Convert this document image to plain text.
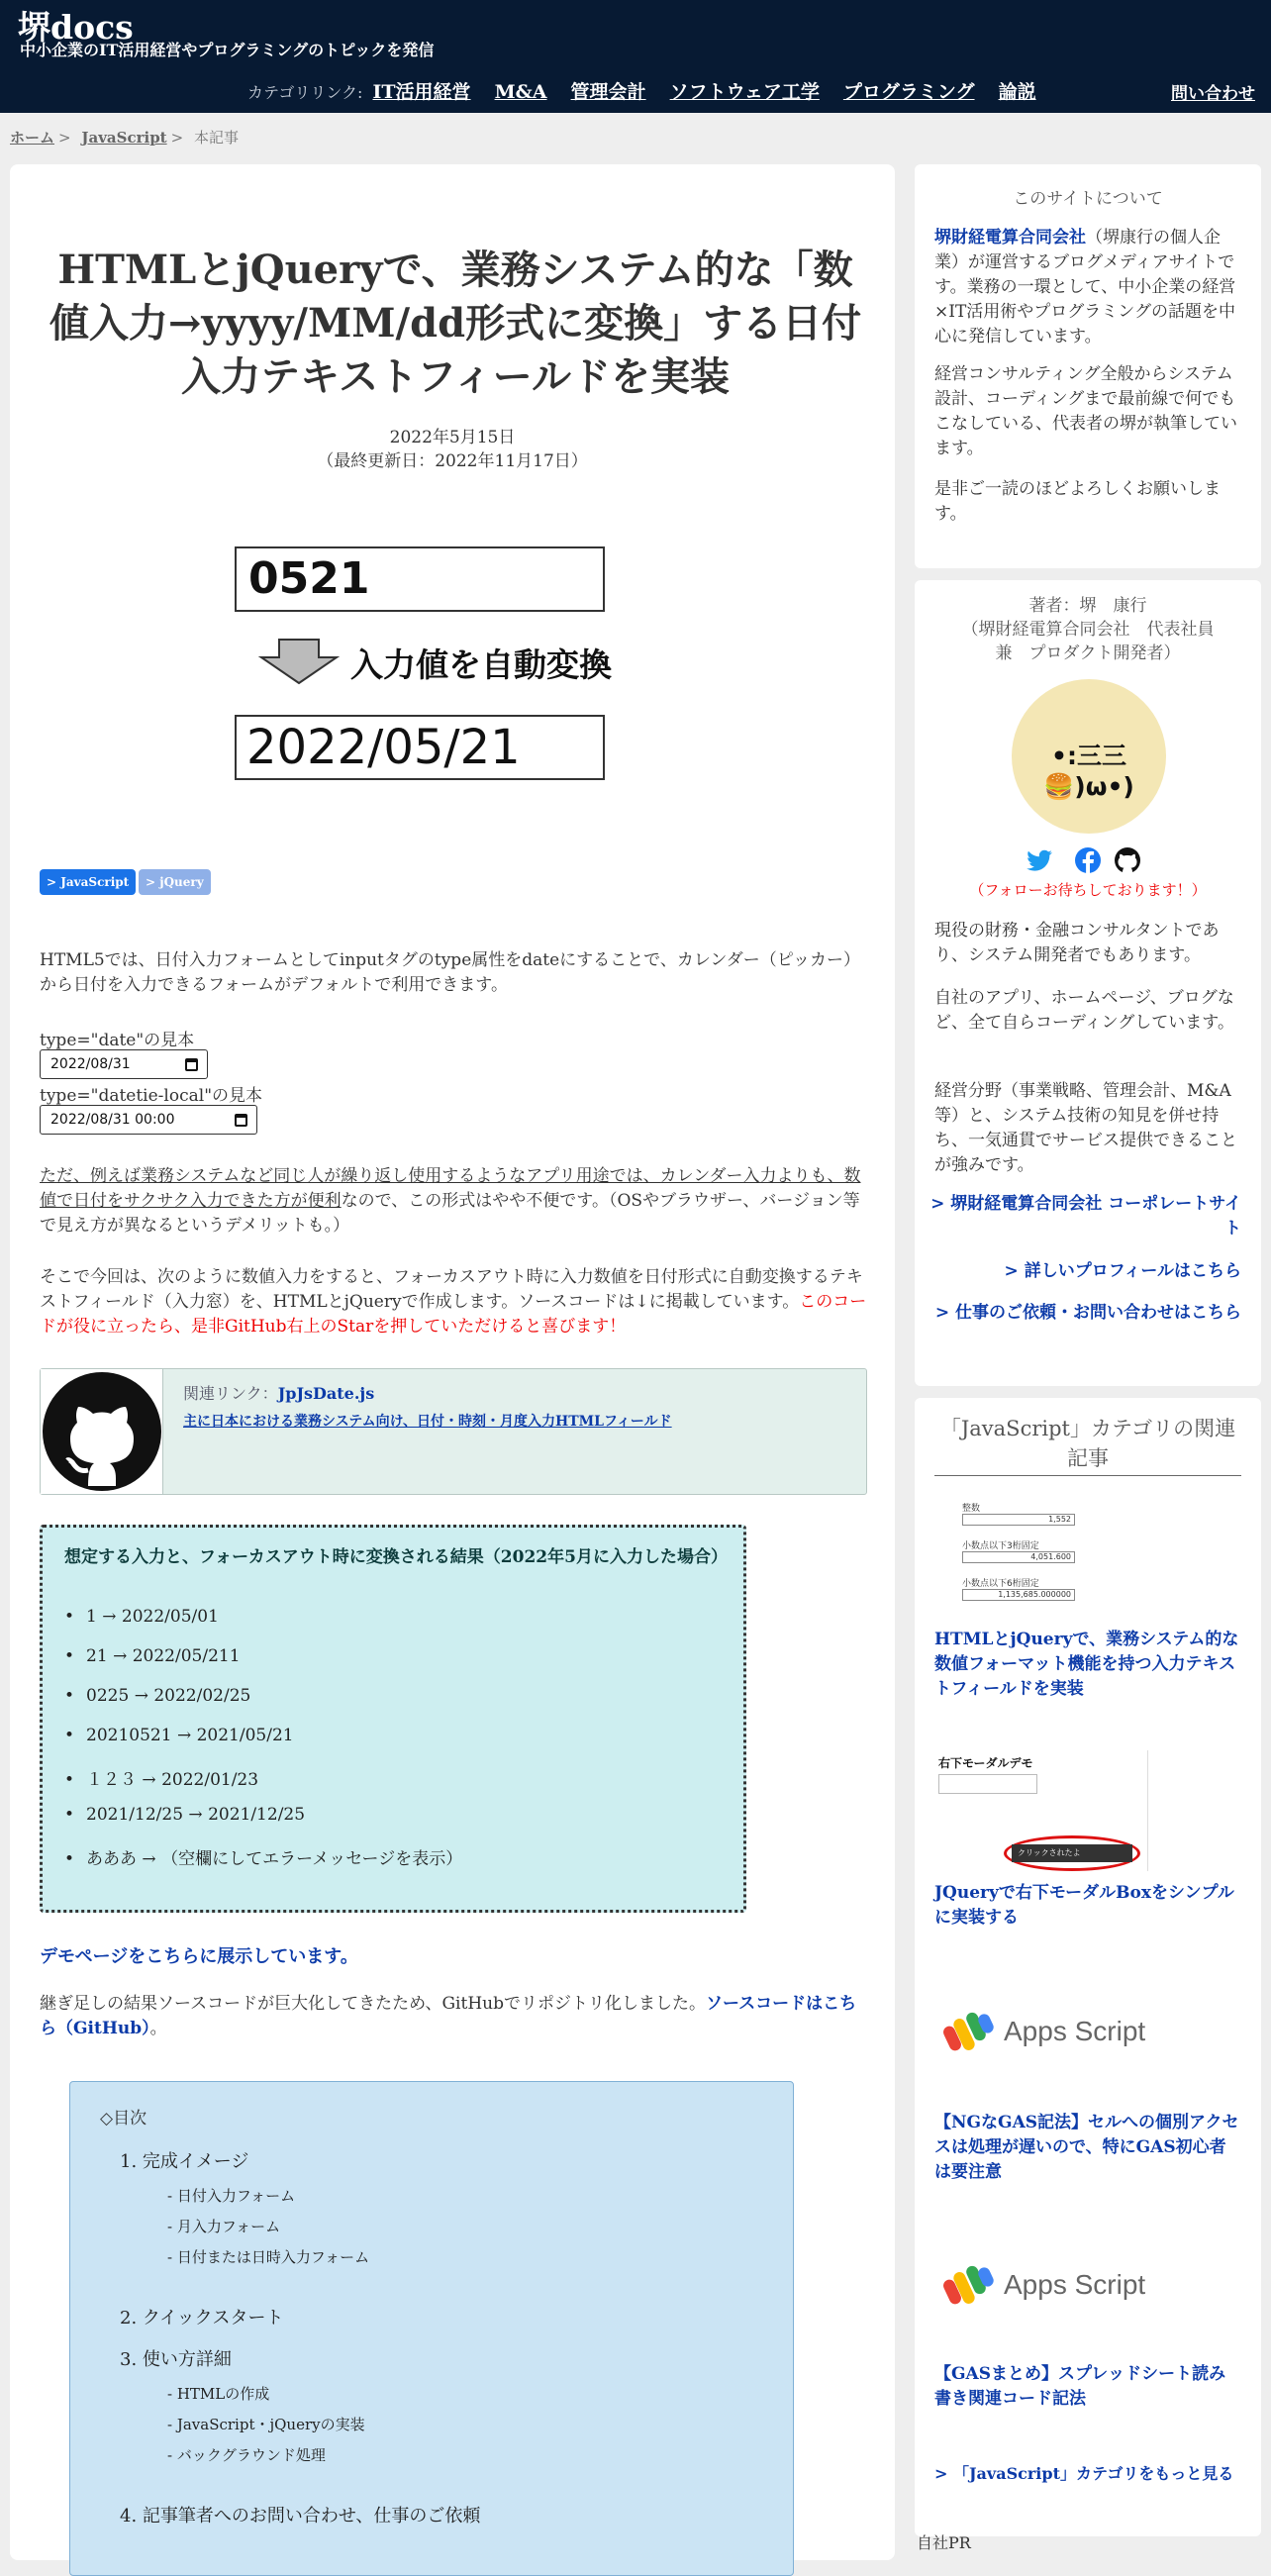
堺docs
中小企業のIT活用経営やプログラミングのトピックを発信
カテゴリリンク: IT活用経営 M&A 管理会計 ソフトウェア工学 プログラミング 論説	問い合わせ
ホーム > JavaScript > 本記事
HTMLとjQueryで、業務システム的な「数値入力→yyyy/MM/dd形式に変換」する日付入力テキストフィールドを実装
2022年5月15日
（最終更新日：2022年11月17日）
0521
入力値を自動変換
2022/05/21
> JavaScript	> jQuery

HTML5では、日付入力フォームとしてinputタグのtype属性をdateにすることで、カレンダー（ピッカー）から日付を入力できるフォームがデフォルトで利用できます。

type="date"の見本
2022/08/31
type="datetie-local"の見本
2022/08/31 00:00

ただ、例えば業務システムなど同じ人が繰り返し使用するようなアプリ用途では、カレンダー入力よりも、数値で日付をサクサク入力できた方が便利なので、この形式はやや不便です。（OSやブラウザー、バージョン等で見え方が異なるというデメリットも。）

そこで今回は、次のように数値入力をすると、フォーカスアウト時に入力数値を日付形式に自動変換するテキストフィールド（入力窓）を、HTMLとjQueryで作成します。ソースコードは↓に掲載しています。このコードが役に立ったら、是非GitHub右上のStarを押していただけると喜びます！

関連リンク：JpJsDate.js
主に日本における業務システム向け、日付・時刻・月度入力HTMLフィールド
想定する入力と、フォーカスアウト時に変換される結果（2022年5月に入力した場合）
• 1 → 2022/05/01
• 21 → 2022/05/211
• 0225 → 2022/02/25
• 20210521 → 2021/05/21
• １２３ → 2022/01/23
• 2021/12/25 → 2021/12/25
• あああ → （空欄にしてエラーメッセージを表示）
デモページをこちらに展示しています。

継ぎ足しの結果ソースコードが巨大化してきたため、GitHubでリポジトリ化しました。ソースコードはこちら（GitHub）。

◇目次
1. 完成イメージ
- 日付入力フォーム
- 月入力フォーム
- 日付または日時入力フォーム
2. クイックスタート
3. 使い方詳細
- HTMLの作成
- JavaScript・jQueryの実装
- バックグラウンド処理
4. 記事筆者へのお問い合わせ、仕事のご依頼
このサイトについて

堺財経電算合同会社（堺康行の個人企業）が運営するブログメディアサイトです。業務の一環として、中小企業の経営×IT活用術やプログラミングの話題を中心に発信しています。

経営コンサルティング全般からシステム設計、コーディングまで最前線で何でもこなしている、代表者の堺が執筆しています。

是非ご一読のほどよろしくお願いします。

著者：堺　康行
（堺財経電算合同会社　代表社員
兼　プロダクト開発者）
•:三三🍔)ω•)
（フォローお待ちしております！）

現役の財務・金融コンサルタントであり、システム開発者でもあります。

自社のアプリ、ホームページ、ブログなど、全て自らコーディングしています。

経営分野（事業戦略、管理会計、M&A等）と、システム技術の知見を併せ持ち、一気通貫でサービス提供できることが強みです。

> 堺財経電算合同会社 コーポレートサイト
> 詳しいプロフィールはこちら
> 仕事のご依頼・お問い合わせはこちら
「JavaScript」カテゴリの関連記事
整数
1,552
小数点以下3桁固定
4,051.600
小数点以下6桁固定
1,135,685.000000
HTMLとjQueryで、業務システム的な数値フォーマット機能を持つ入力テキストフィールドを実装
右下モーダルデモ
クリックされたよ
JQueryで右下モーダルBoxをシンプルに実装する
Apps Script
【NGなGAS記法】セルへの個別アクセスは処理が遅いので、特にGAS初心者は要注意
Apps Script
【GASまとめ】スプレッドシート読み書き関連コード記法
> 「JavaScript」カテゴリをもっと見る
自社PR
